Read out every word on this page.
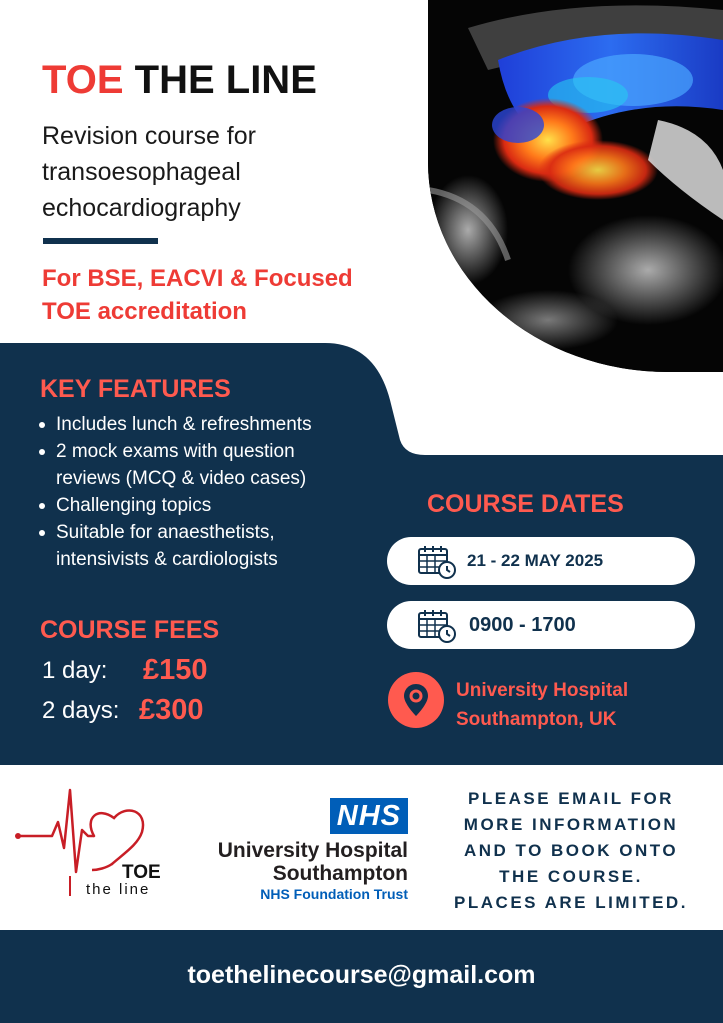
TOE THE LINE
Revision course for
transoesophageal
echocardiography
For BSE, EACVI & Focused
TOE accreditation
KEY FEATURES
Includes lunch & refreshments
2 mock exams with question
reviews (MCQ & video cases)
Challenging topics
Suitable for anaesthetists,
intensivists & cardiologists
COURSE FEES
1 day: £150
2 days: £300
COURSE DATES
21 - 22 MAY 2025
0900 - 1700
University Hospital
Southampton, UK
TOE
the line
NHS
University Hospital
Southampton
NHS Foundation Trust
PLEASE EMAIL FOR
MORE INFORMATION
AND TO BOOK ONTO
THE COURSE.
PLACES ARE LIMITED.
toethelinecourse@gmail.com
